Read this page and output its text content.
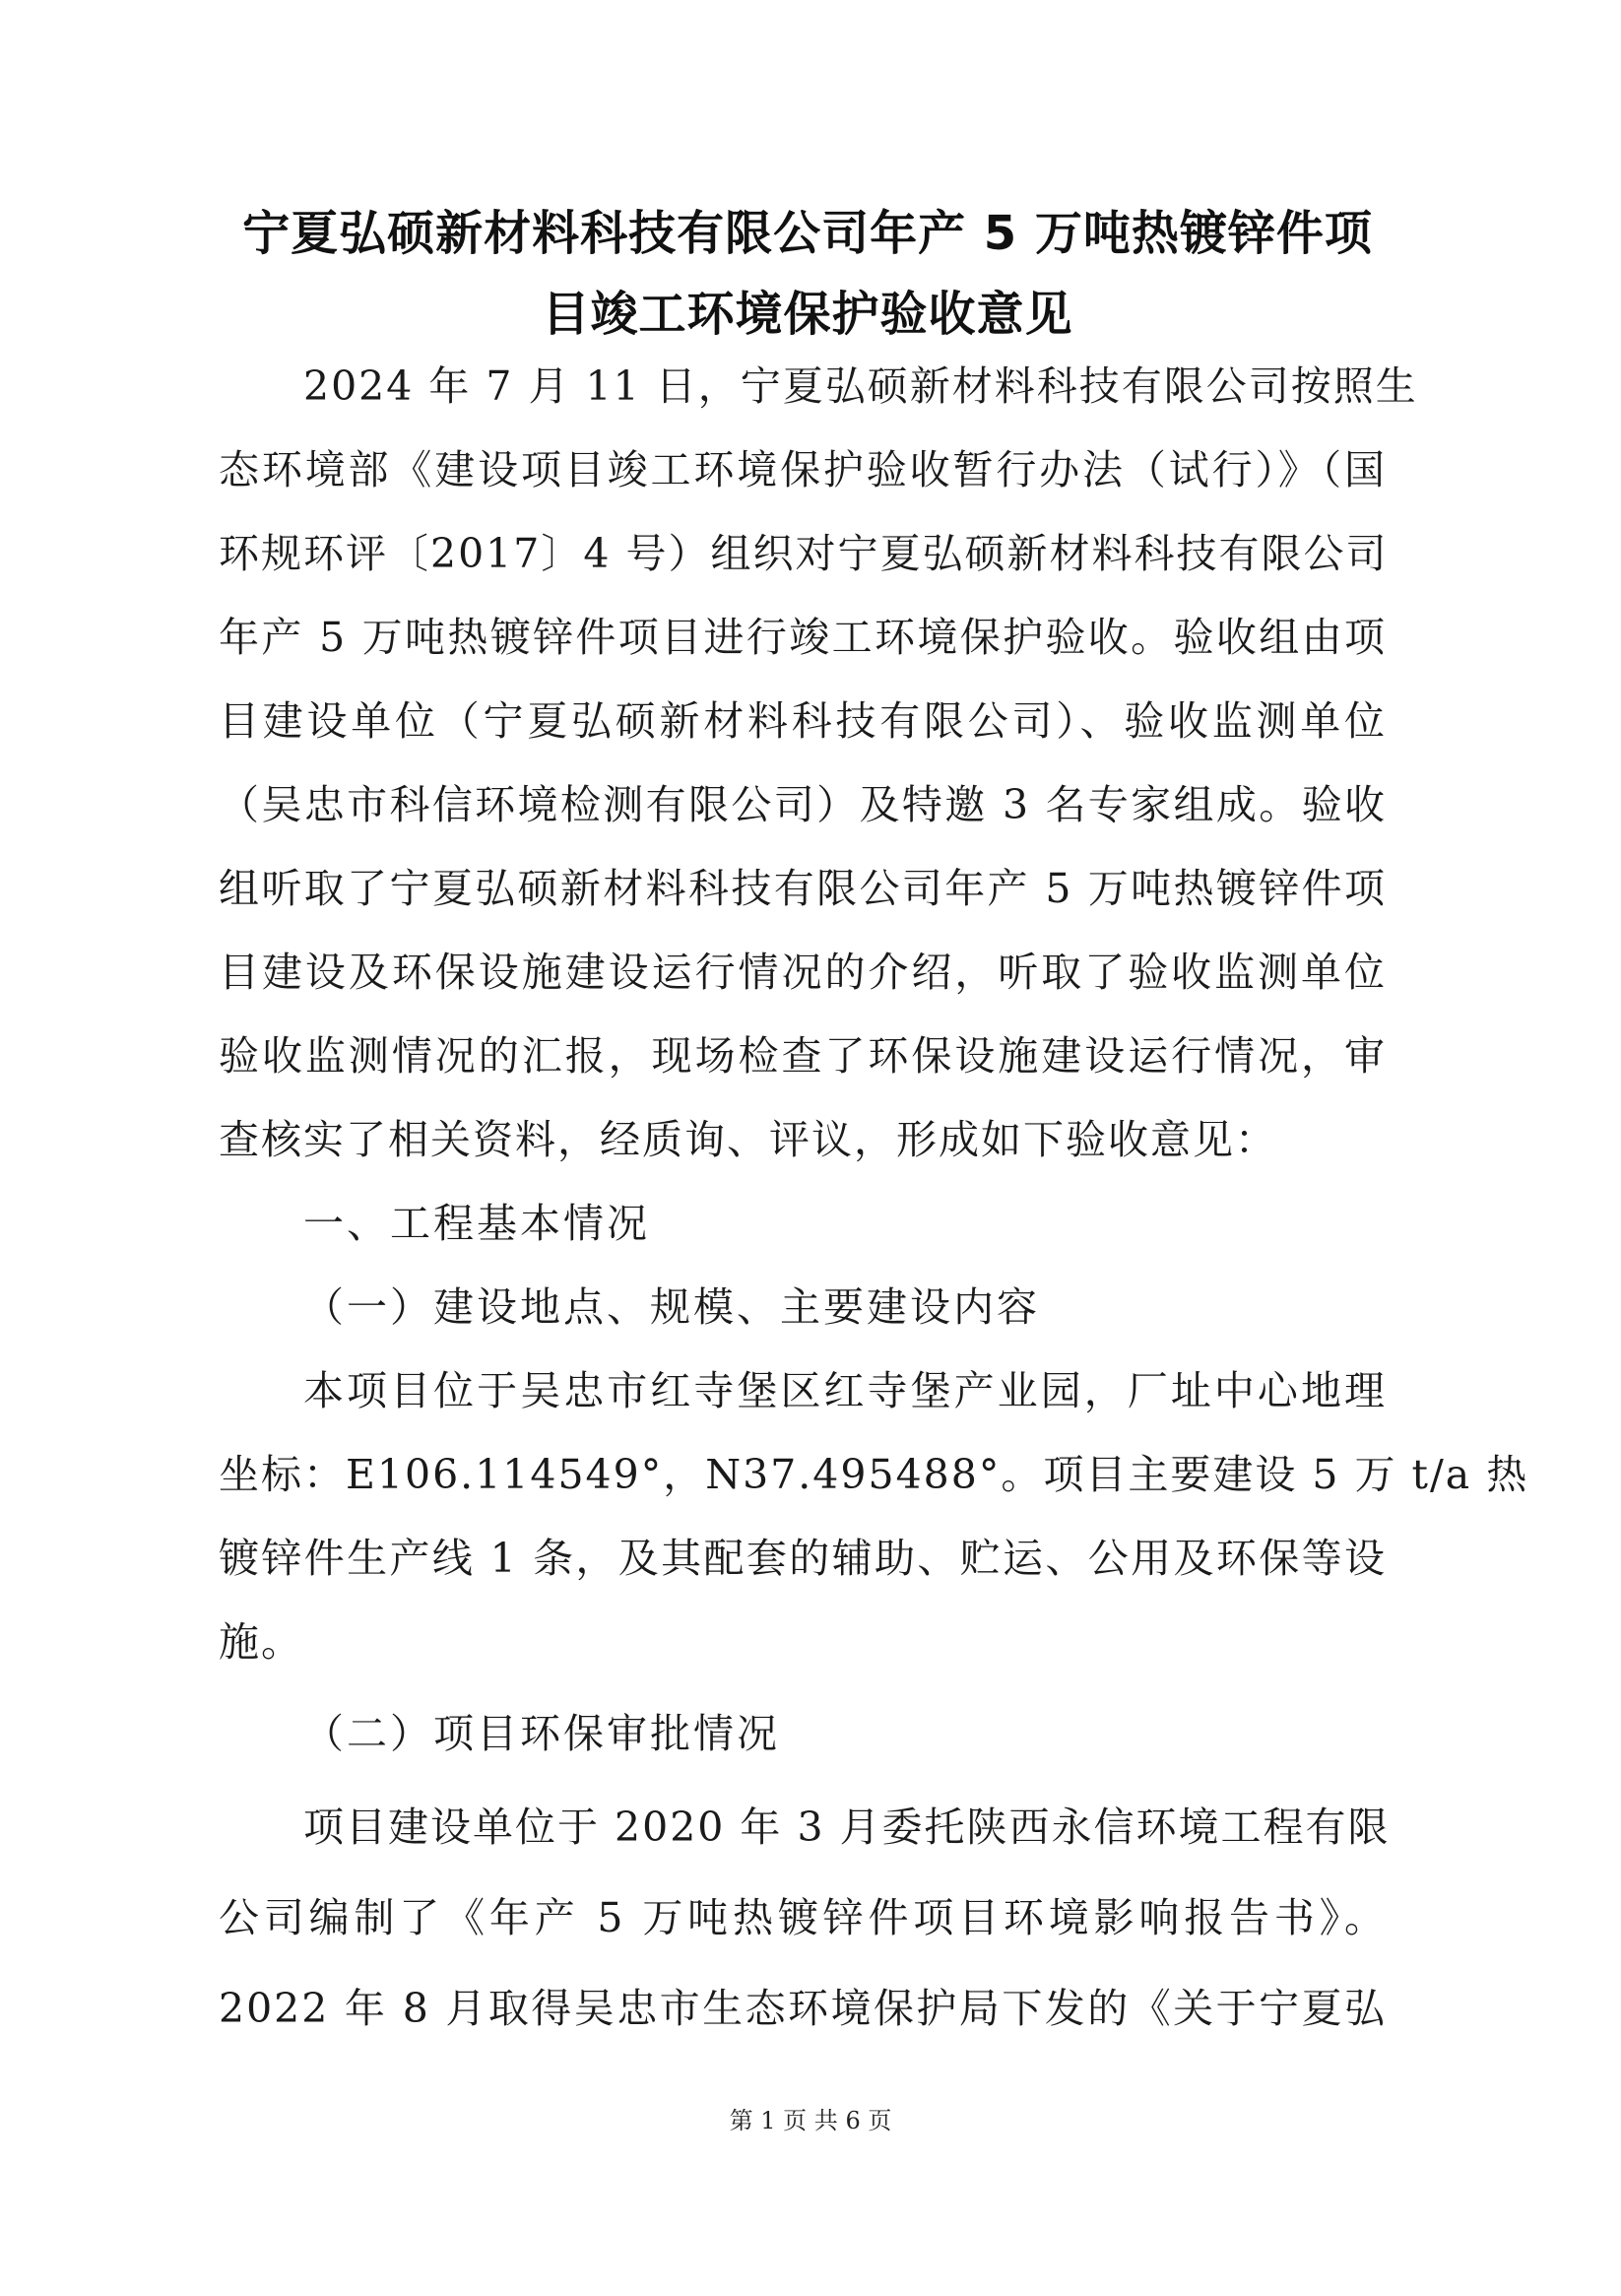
宁夏弘硕新材料科技有限公司年产 5 万吨热镀锌件项
目竣工环境保护验收意见
2024 年 7 月 11 日，宁夏弘硕新材料科技有限公司按照生
态环境部《建设项目竣工环境保护验收暂行办法（试行）》（国
环规环评〔2017〕4 号）组织对宁夏弘硕新材料科技有限公司
年产 5 万吨热镀锌件项目进行竣工环境保护验收。验收组由项
目建设单位（宁夏弘硕新材料科技有限公司）、验收监测单位
（吴忠市科信环境检测有限公司）及特邀 3 名专家组成。验收
组听取了宁夏弘硕新材料科技有限公司年产 5 万吨热镀锌件项
目建设及环保设施建设运行情况的介绍，听取了验收监测单位
验收监测情况的汇报，现场检查了环保设施建设运行情况，审
查核实了相关资料，经质询、评议，形成如下验收意见：
一、工程基本情况
（一）建设地点、规模、主要建设内容
本项目位于吴忠市红寺堡区红寺堡产业园，厂址中心地理
坐标：E106.114549°，N37.495488°。项目主要建设 5 万 t/a 热
镀锌件生产线 1 条，及其配套的辅助、贮运、公用及环保等设
施。
（二）项目环保审批情况
项目建设单位于 2020 年 3 月委托陕西永信环境工程有限
公司编制了《年产 5 万吨热镀锌件项目环境影响报告书》。
2022 年 8 月取得吴忠市生态环境保护局下发的《关于宁夏弘
第 1 页 共 6 页
